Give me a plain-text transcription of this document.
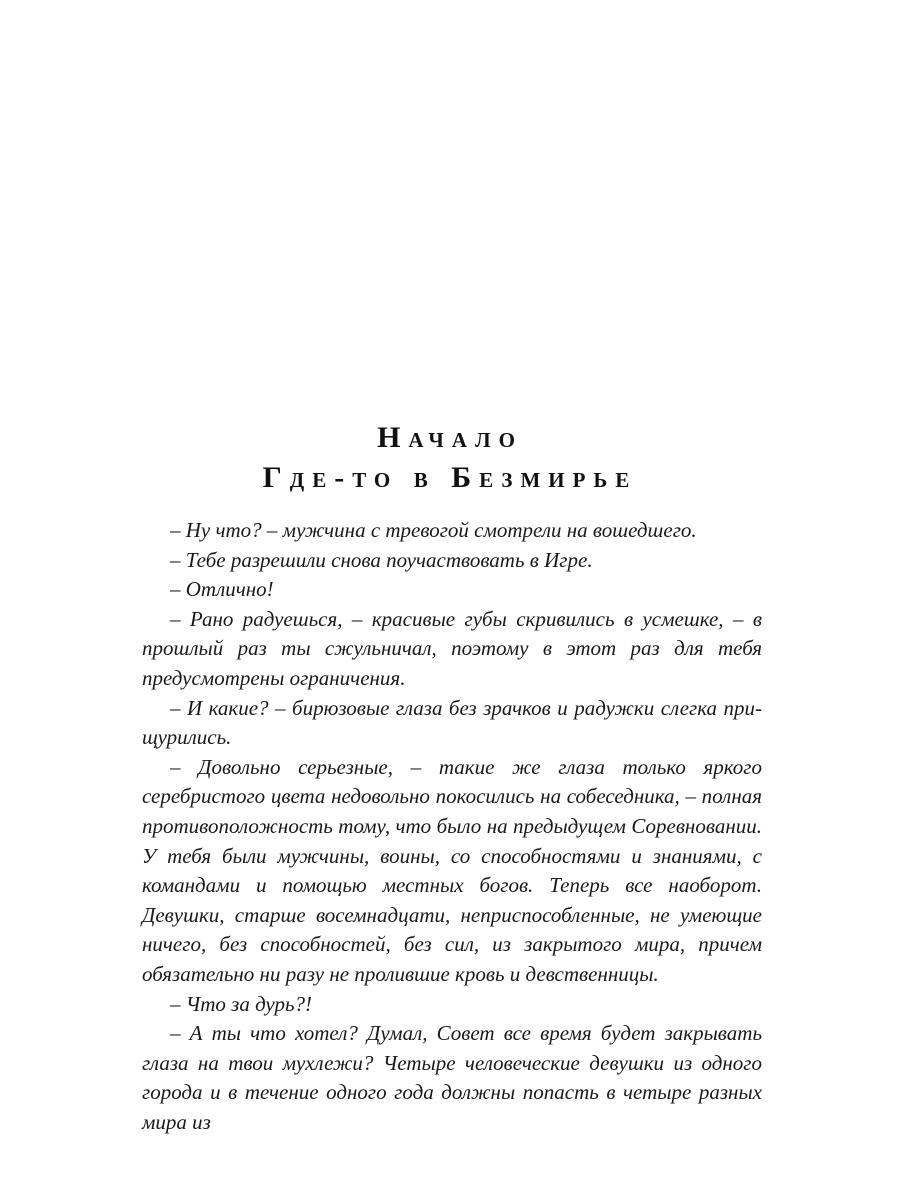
Начало
Где-то в Безмирье

– Ну что? – мужчина с тревогой смотрели на вошедшего.

– Тебе разрешили снова поучаствовать в Игре.

– Отлично!

– Рано радуешься, – красивые губы скривились в усмешке, – в прошлый раз ты сжульничал, поэтому в этот раз для тебя предусмотрены ограничения.

– И какие? – бирюзовые глаза без зрачков и радужки слегка прищурились.

– Довольно серьезные, – такие же глаза только яркого серебристого цвета недовольно покосились на собеседника, – полная противоположность тому, что было на предыдущем Соревновании. У тебя были мужчины, воины, со способностями и знаниями, с командами и помощью местных богов. Теперь все наоборот. Девушки, старше восемнадцати, неприспособленные, не умеющие ничего, без способностей, без сил, из закрытого мира, причем обязательно ни разу не пролившие кровь и девственницы.

– Что за дурь?!

– А ты что хотел? Думал, Совет все время будет закрывать глаза на твои мухлежи? Четыре человеческие девушки из одного города и в течение одного года должны попасть в четыре разных мира из
